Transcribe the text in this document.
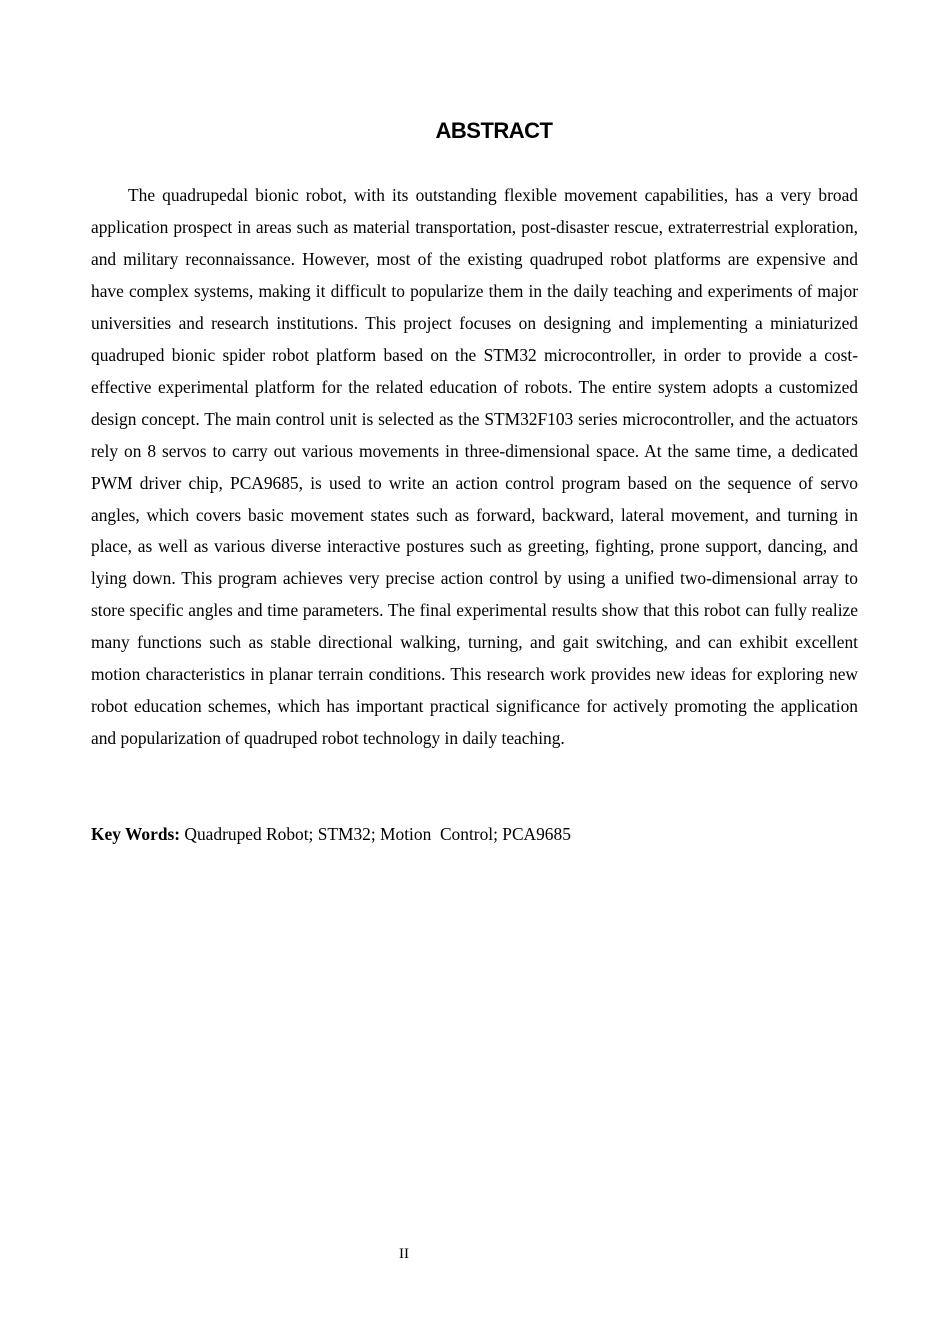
ABSTRACT

The quadrupedal bionic robot, with its outstanding flexible movement capabilities, has a very broad application prospect in areas such as material transportation, post-disaster rescue, extraterrestrial exploration, and military reconnaissance. However, most of the existing quadruped robot platforms are expensive and have complex systems, making it difficult to popularize them in the daily teaching and experiments of major universities and research institutions. This project focuses on designing and implementing a miniaturized quadruped bionic spider robot platform based on the STM32 microcontroller, in order to provide a cost-effective experimental platform for the related education of robots. The entire system adopts a customized design concept. The main control unit is selected as the STM32F103 series microcontroller, and the actuators rely on 8 servos to carry out various movements in three-dimensional space. At the same time, a dedicated PWM driver chip, PCA9685, is used to write an action control program based on the sequence of servo angles, which covers basic movement states such as forward, backward, lateral movement, and turning in place, as well as various diverse interactive postures such as greeting, fighting, prone support, dancing, and lying down. This program achieves very precise action control by using a unified two-dimensional array to store specific angles and time parameters. The final experimental results show that this robot can fully realize many functions such as stable directional walking, turning, and gait switching, and can exhibit excellent motion characteristics in planar terrain conditions. This research work provides new ideas for exploring new robot education schemes, which has important practical significance for actively promoting the application and popularization of quadruped robot technology in daily teaching.

Key Words: Quadruped Robot; STM32; Motion  Control; PCA9685

II
